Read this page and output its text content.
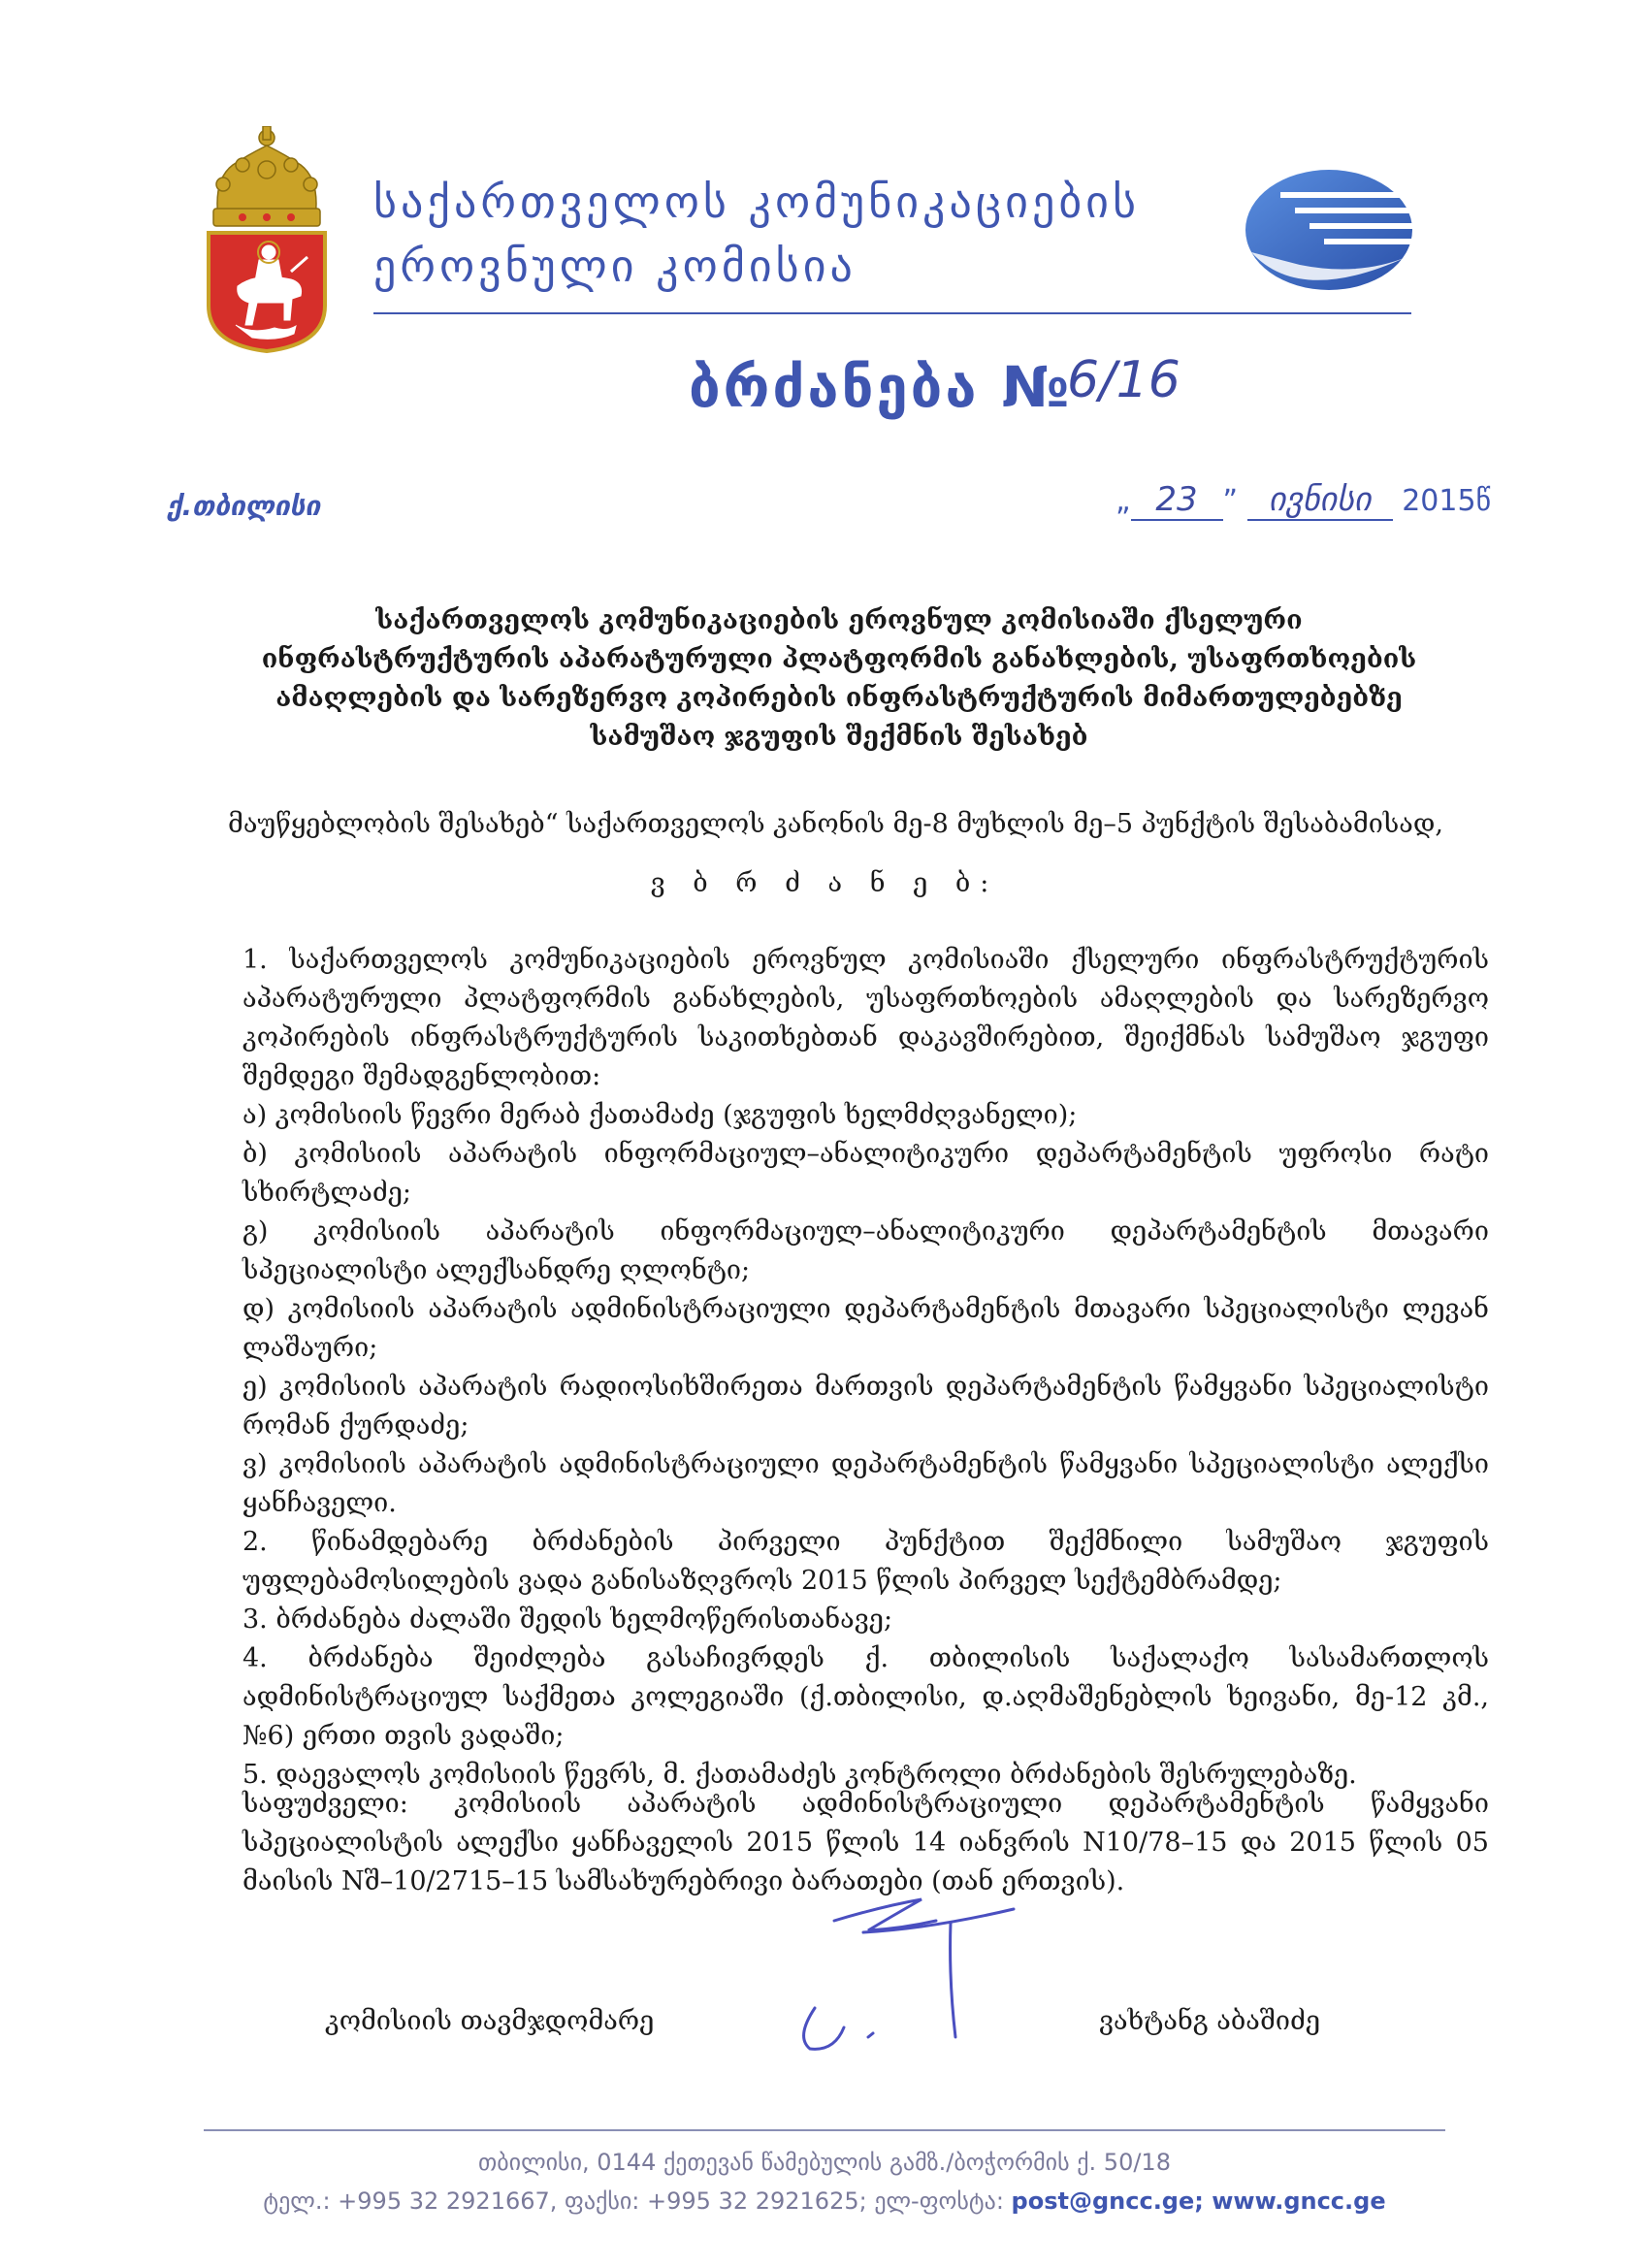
საქართველოს კომუნიკაციების
ეროვნული კომისია
ბრძანება №
6/16
ქ.თბილისი	„ 23 ” ივნისი 2015წ
საქართველოს კომუნიკაციების ეროვნულ კომისიაში ქსელური ინფრასტრუქტურის აპარატურული პლატფორმის განახლების, უსაფრთხოების ამაღლების და სარეზერვო კოპირების ინფრასტრუქტურის მიმართულებებზე სამუშაო ჯგუფის შექმნის შესახებ
მაუწყებლობის შესახებ“ საქართველოს კანონის მე-8 მუხლის მე–5 პუნქტის შესაბამისად,
ვ ბ რ ძ ა ნ ე ბ:

1. საქართველოს კომუნიკაციების ეროვნულ კომისიაში ქსელური ინფრასტრუქტურის აპარატურული პლატფორმის განახლების, უსაფრთხოების ამაღლების და სარეზერვო კოპირების ინფრასტრუქტურის საკითხებთან დაკავშირებით, შეიქმნას სამუშაო ჯგუფი შემდეგი შემადგენლობით:

ა) კომისიის წევრი მერაბ ქათამაძე (ჯგუფის ხელმძღვანელი);

ბ) კომისიის აპარატის ინფორმაციულ–ანალიტიკური დეპარტამენტის უფროსი რატი სხირტლაძე;

გ) კომისიის აპარატის ინფორმაციულ–ანალიტიკური დეპარტამენტის მთავარი სპეციალისტი ალექსანდრე ღლონტი;

დ) კომისიის აპარატის ადმინისტრაციული დეპარტამენტის მთავარი სპეციალისტი ლევან ლაშაური;

ე) კომისიის აპარატის რადიოსიხშირეთა მართვის დეპარტამენტის წამყვანი სპეციალისტი რომან ქურდაძე;

ვ) კომისიის აპარატის ადმინისტრაციული დეპარტამენტის წამყვანი სპეციალისტი ალექსი ყანჩაველი.

2. წინამდებარე ბრძანების პირველი პუნქტით შექმნილი სამუშაო ჯგუფის უფლებამოსილების ვადა განისაზღვროს 2015 წლის პირველ სექტემბრამდე;

3. ბრძანება ძალაში შედის ხელმოწერისთანავე;

4. ბრძანება შეიძლება გასაჩივრდეს ქ. თბილისის საქალაქო სასამართლოს ადმინისტრაციულ საქმეთა კოლეგიაში (ქ.თბილისი, დ.აღმაშენებლის ხეივანი, მე-12 კმ., №6) ერთი თვის ვადაში;

5. დაევალოს კომისიის წევრს, მ. ქათამაძეს კონტროლი ბრძანების შესრულებაზე.

საფუძველი: კომისიის აპარატის ადმინისტრაციული დეპარტამენტის წამყვანი სპეციალისტის ალექსი ყანჩაველის 2015 წლის 14 იანვრის N10/78–15 და 2015 წლის 05 მაისის Nშ–10/2715–15 სამსახურებრივი ბარათები (თან ერთვის).
კომისიის თავმჯდომარე	ვახტანგ აბაშიძე
თბილისი, 0144 ქეთევან წამებულის გამზ./ბოჭორმის ქ. 50/18
ტელ.: +995 32 2921667, ფაქსი: +995 32 2921625; ელ-ფოსტა: post@gncc.ge; www.gncc.ge
